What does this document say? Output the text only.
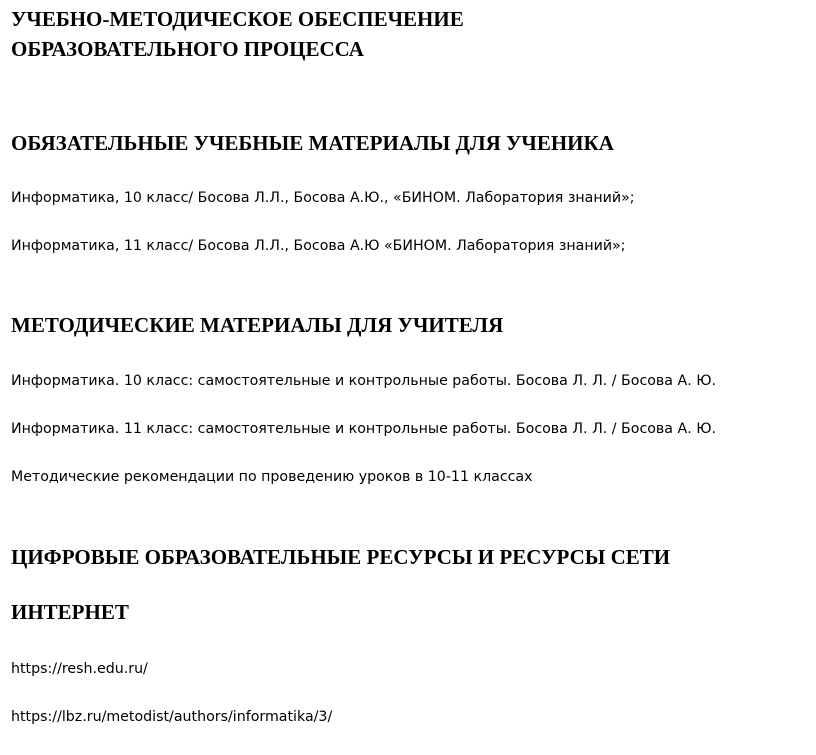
УЧЕБНО-МЕТОДИЧЕСКОЕ ОБЕСПЕЧЕНИЕ
ОБРАЗОВАТЕЛЬНОГО ПРОЦЕССА
ОБЯЗАТЕЛЬНЫЕ УЧЕБНЫЕ МАТЕРИАЛЫ ДЛЯ УЧЕНИКА
Информатика, 10 класс/ Босова Л.Л., Босова А.Ю., «БИНОМ. Лаборатория знаний»;
Информатика, 11 класс/ Босова Л.Л., Босова А.Ю «БИНОМ. Лаборатория знаний»;
МЕТОДИЧЕСКИЕ МАТЕРИАЛЫ ДЛЯ УЧИТЕЛЯ
Информатика. 10 класс: самостоятельные и контрольные работы. Босова Л. Л. / Босова А. Ю.
Информатика. 11 класс: самостоятельные и контрольные работы. Босова Л. Л. / Босова А. Ю.
Методические рекомендации по проведению уроков в 10-11 классах
ЦИФРОВЫЕ ОБРАЗОВАТЕЛЬНЫЕ РЕСУРСЫ И РЕСУРСЫ СЕТИ
ИНТЕРНЕТ
https://resh.edu.ru/
https://lbz.ru/metodist/authors/informatika/3/
